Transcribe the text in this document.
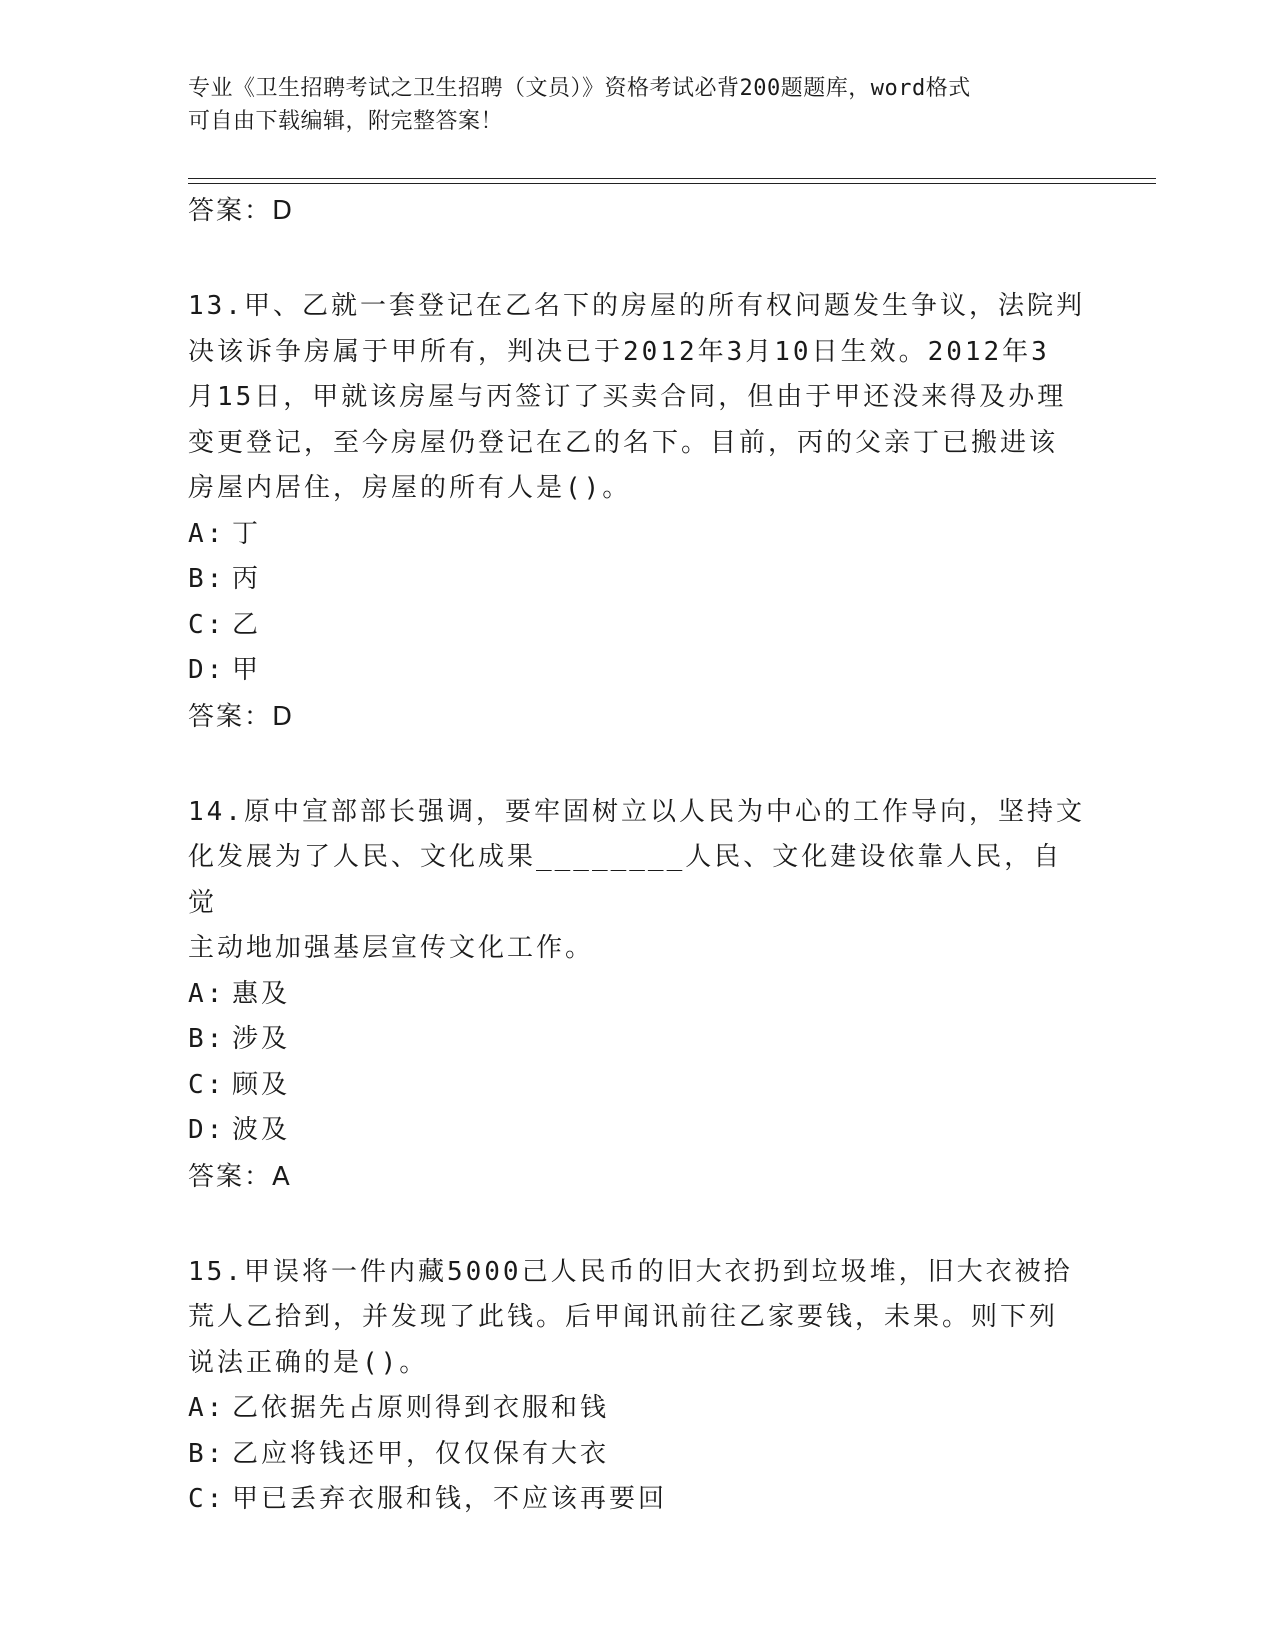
专业《卫生招聘考试之卫生招聘（文员）》资格考试必背200题题库，word格式
可自由下载编辑，附完整答案！
答案：D
13.甲、乙就一套登记在乙名下的房屋的所有权问题发生争议，法院判
决该诉争房属于甲所有，判决已于2012年3月10日生效。2012年3
月15日，甲就该房屋与丙签订了买卖合同，但由于甲还没来得及办理
变更登记，至今房屋仍登记在乙的名下。目前，丙的父亲丁已搬进该
房屋内居住，房屋的所有人是()。
A: 丁
B: 丙
C: 乙
D: 甲
答案：D
14.原中宣部部长强调，要牢固树立以人民为中心的工作导向，坚持文
化发展为了人民、文化成果________人民、文化建设依靠人民，自觉
主动地加强基层宣传文化工作。
A: 惠及
B: 涉及
C: 顾及
D: 波及
答案：A
15.甲误将一件内藏5000己人民币的旧大衣扔到垃圾堆，旧大衣被拾
荒人乙拾到，并发现了此钱。后甲闻讯前往乙家要钱，未果。则下列
说法正确的是()。
A: 乙依据先占原则得到衣服和钱
B: 乙应将钱还甲，仅仅保有大衣
C: 甲已丢弃衣服和钱，不应该再要回
